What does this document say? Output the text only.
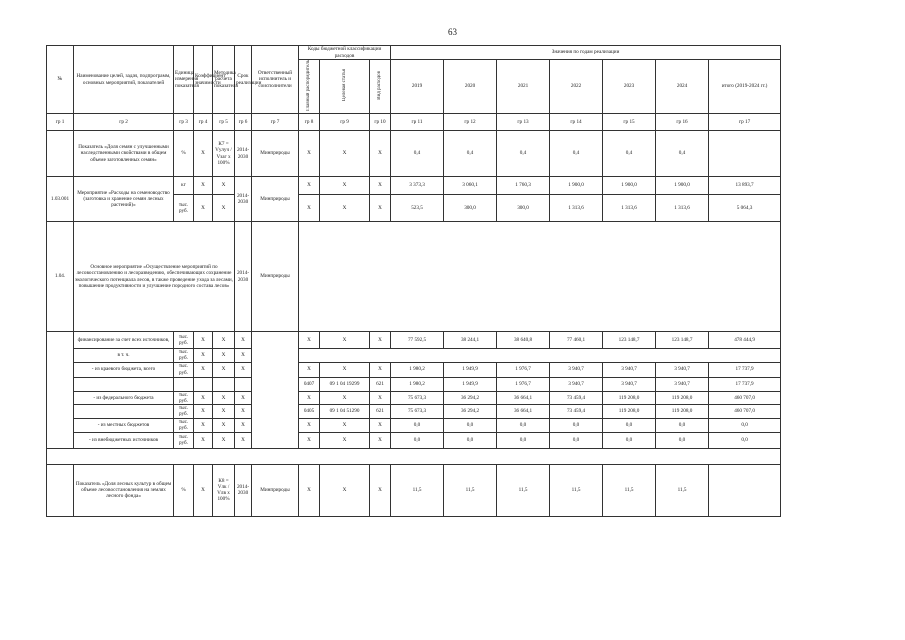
63
№	Наименование целей, задач, подпрограмм, основных мероприятий, показателей	Единица измерения показателя	Коэффициент значимости	Методика расчета показателя	Срок реализации	Ответственный исполнитель и соисполнители	Коды бюджетной классификации расходов			Значения по годам реализации						
							Главный распорядитель	Целевая статья	Вид расходов	2019	2020	2021	2022	2023	2024	итого (2019-2024 гг.)
гр 1	гр 2	гр 3	гр 4	гр 5	гр 6	гр 7	гр 8	гр 9	гр 10	гр 11	гр 12	гр 13	гр 14	гр 15	гр 16	гр 17
	Показатель «Доля семян с улучшенными наследственными свойствами в общем объеме заготовленных семян»	%	X	К7 = Vулуч / Vзаг x 100%	2014-2030	Минприроды	X	X	X	0,4	0,4	0,4	0,4	0,4	0,4	
1.03.001	Мероприятие «Расходы на семеноводство (заготовка и хранение семян лесных растений)»	кг	X	X	2014-2030	Минприроды	X	X	X	3 373,3	3 060,1	1 760,3	1 900,0	1 900,0	1 900,0	13 893,7
		тыс. руб.	X	X			X	X	X	523,5	300,0	300,0	1 313,6	1 313,6	1 313,6	5 064,3
1.04.	Основное мероприятие «Осуществление мероприятий по лесовосстановлению и лесоразведению, обеспечивающих сохранение экологического потенциала лесов, в также проведение ухода за лесами, повышение продуктивности и улучшение породного состава лесов»				2014-2030	Минприроды										
	финансирование за счет всех источников,	тыс. руб.	X	X	X		X	X	X	77 592,5	38 244,1	38 640,8	77 460,1	123 148,7	123 148,7	478 444,9
	в т. ч.	тыс. руб.	X	X	X											
	- из краевого бюджета, всего	тыс. руб.	X	X	X		X	X	X	1 980,2	1 949,9	1 976,7	3 940,7	3 940,7	3 940,7	17 737,9
							0407	09 1 04 19299	621	1 980,2	1 949,9	1 976,7	3 940,7	3 940,7	3 940,7	17 737,9
	- из федерального бюджета	тыс. руб.	X	X	X		X	X	X	75 673,3	36 294,2	36 664,1	73 459,4	119 208,0	119 208,0	460 707,0
		тыс. руб.	X	X	X		0405	09 1 04 51290	621	75 673,3	36 294,2	36 664,1	73 459,4	119 208,0	119 208,0	460 707,0
	- из местных бюджетов	тыс. руб.	X	X	X		X	X	X	0,0	0,0	0,0	0,0	0,0	0,0	0,0
	- из внебюджетных источников	тыс. руб.	X	X	X		X	X	X	0,0	0,0	0,0	0,0	0,0	0,0	0,0

	Показатель «Доля лесных культур в общем объеме лесовосстановления на землях лесного фонда»	%	X	К8 = Vлк / Vлв x 100%	2014-2030	Минприроды	X	X	X	11,5	11,5	11,5	11,5	11,5	11,5	
